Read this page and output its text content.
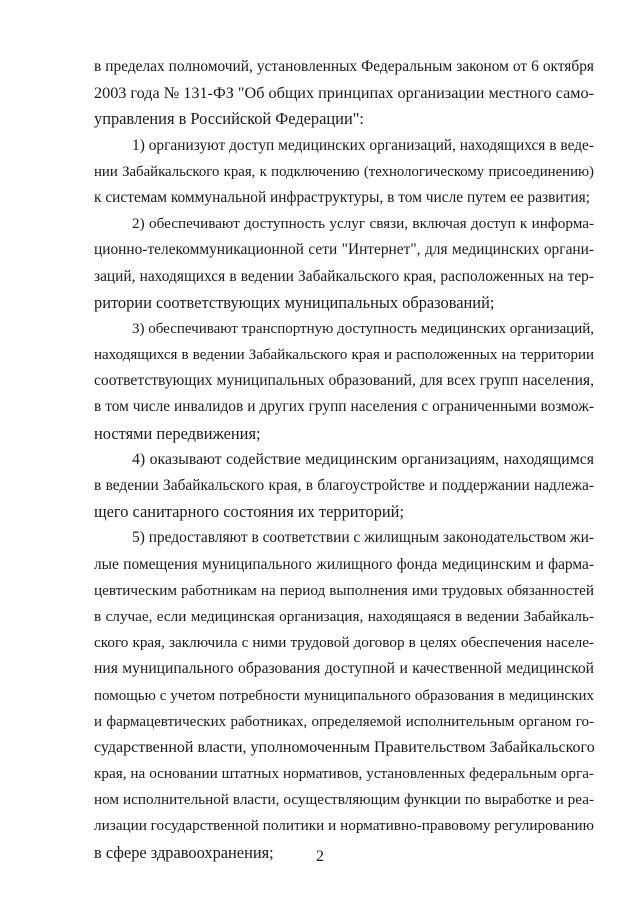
в пределах полномочий, установленных Федеральным законом от 6 октября
2003 года № 131-ФЗ "Об общих принципах организации местного само-
управления в Российской Федерации":
1) организуют доступ медицинских организаций, находящихся в веде-
нии Забайкальского края, к подключению (технологическому присоединению)
к системам коммунальной инфраструктуры, в том числе путем ее развития;
2) обеспечивают доступность услуг связи, включая доступ к информа-
ционно-телекоммуникационной сети "Интернет", для медицинских органи-
заций, находящихся в ведении Забайкальского края, расположенных на тер-
ритории соответствующих муниципальных образований;
3) обеспечивают транспортную доступность медицинских организаций,
находящихся в ведении Забайкальского края и расположенных на территории
соответствующих муниципальных образований, для всех групп населения,
в том числе инвалидов и других групп населения с ограниченными возмож-
ностями передвижения;
4) оказывают содействие медицинским организациям, находящимся
в ведении Забайкальского края, в благоустройстве и поддержании надлежа-
щего санитарного состояния их территорий;
5) предоставляют в соответствии с жилищным законодательством жи-
лые помещения муниципального жилищного фонда медицинским и фарма-
цевтическим работникам на период выполнения ими трудовых обязанностей
в случае, если медицинская организация, находящаяся в ведении Забайкаль-
ского края, заключила с ними трудовой договор в целях обеспечения населе-
ния муниципального образования доступной и качественной медицинской
помощью с учетом потребности муниципального образования в медицинских
и фармацевтических работниках, определяемой исполнительным органом го-
сударственной власти, уполномоченным Правительством Забайкальского
края, на основании штатных нормативов, установленных федеральным орга-
ном исполнительной власти, осуществляющим функции по выработке и реа-
лизации государственной политики и нормативно-правовому регулированию
в сфере здравоохранения;	2
